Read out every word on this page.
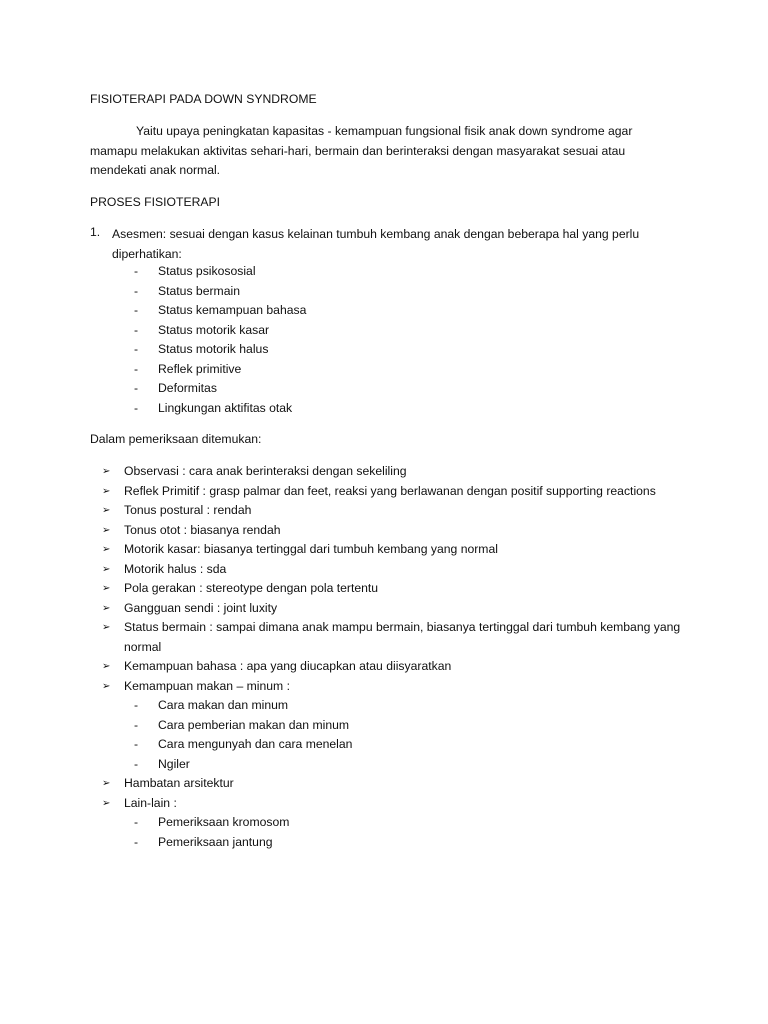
FISIOTERAPI PADA DOWN SYNDROME
Yaitu upaya peningkatan kapasitas - kemampuan fungsional fisik anak down syndrome agar mamapu melakukan aktivitas sehari-hari, bermain dan berinteraksi dengan masyarakat sesuai atau mendekati anak normal.
PROSES FISIOTERAPI
1. Asesmen: sesuai dengan kasus kelainan tumbuh kembang anak dengan beberapa hal yang perlu diperhatikan:
- Status psikososial
- Status bermain
- Status kemampuan bahasa
- Status motorik kasar
- Status motorik halus
- Reflek primitive
- Deformitas
- Lingkungan aktifitas otak
Dalam pemeriksaan ditemukan:
➢ Observasi : cara anak berinteraksi dengan sekeliling
➢ Reflek Primitif : grasp palmar dan feet, reaksi yang berlawanan dengan positif supporting reactions
➢ Tonus postural : rendah
➢ Tonus otot : biasanya rendah
➢ Motorik kasar: biasanya tertinggal dari tumbuh kembang yang normal
➢ Motorik halus : sda
➢ Pola gerakan : stereotype dengan pola tertentu
➢ Gangguan sendi : joint luxity
➢ Status bermain : sampai dimana anak mampu bermain, biasanya tertinggal dari tumbuh kembang yang normal
➢ Kemampuan bahasa : apa yang diucapkan atau diisyaratkan
➢ Kemampuan makan – minum :
- Cara makan dan minum
- Cara pemberian makan dan minum
- Cara mengunyah dan cara menelan
- Ngiler
➢ Hambatan arsitektur
➢ Lain-lain :
- Pemeriksaan kromosom
- Pemeriksaan jantung
